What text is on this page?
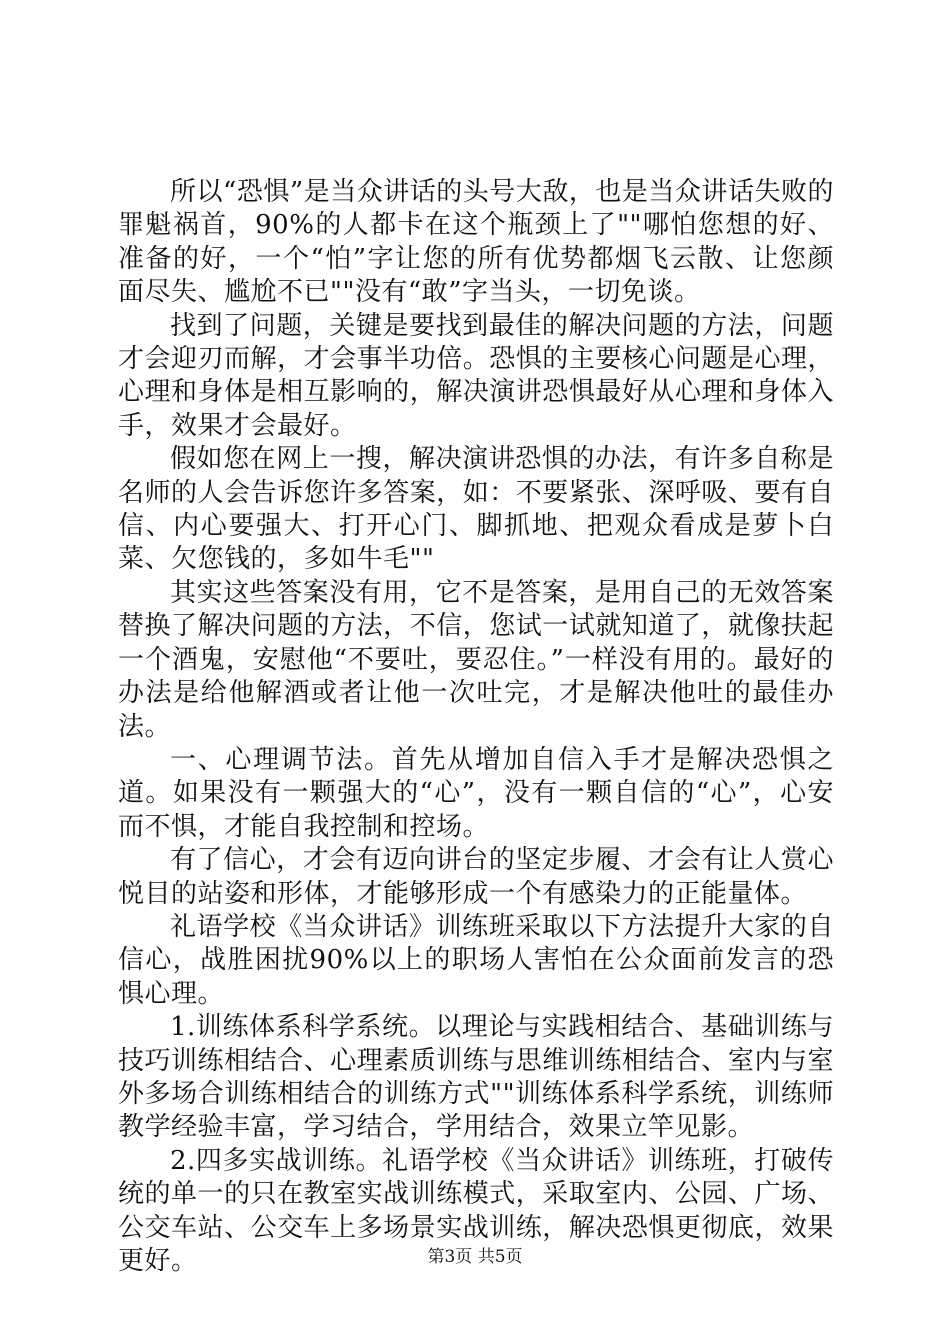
所以“恐惧”是当众讲话的头号大敌，也是当众讲话失败的罪魁祸首，90%的人都卡在这个瓶颈上了""哪怕您想的好、准备的好，一个“怕”字让您的所有优势都烟飞云散、让您颜面尽失、尴尬不已""没有“敢”字当头，一切免谈。

找到了问题，关键是要找到最佳的解决问题的方法，问题才会迎刃而解，才会事半功倍。恐惧的主要核心问题是心理，心理和身体是相互影响的，解决演讲恐惧最好从心理和身体入手，效果才会最好。

假如您在网上一搜，解决演讲恐惧的办法，有许多自称是名师的人会告诉您许多答案，如：不要紧张、深呼吸、要有自信、内心要强大、打开心门、脚抓地、把观众看成是萝卜白菜、欠您钱的，多如牛毛""

其实这些答案没有用，它不是答案，是用自己的无效答案替换了解决问题的方法，不信，您试一试就知道了，就像扶起一个酒鬼，安慰他“不要吐，要忍住。”一样没有用的。最好的办法是给他解酒或者让他一次吐完，才是解决他吐的最佳办法。

一、心理调节法。首先从增加自信入手才是解决恐惧之道。如果没有一颗强大的“心”，没有一颗自信的“心”，心安而不惧，才能自我控制和控场。

有了信心，才会有迈向讲台的坚定步履、才会有让人赏心悦目的站姿和形体，才能够形成一个有感染力的正能量体。

礼语学校《当众讲话》训练班采取以下方法提升大家的自信心，战胜困扰90%以上的职场人害怕在公众面前发言的恐惧心理。

1.训练体系科学系统。以理论与实践相结合、基础训练与技巧训练相结合、心理素质训练与思维训练相结合、室内与室外多场合训练相结合的训练方式""训练体系科学系统，训练师教学经验丰富，学习结合，学用结合，效果立竿见影。

2.四多实战训练。礼语学校《当众讲话》训练班，打破传统的单一的只在教室实战训练模式，采取室内、公园、广场、公交车站、公交车上多场景实战训练，解决恐惧更彻底，效果更好。	第3页 共5页
